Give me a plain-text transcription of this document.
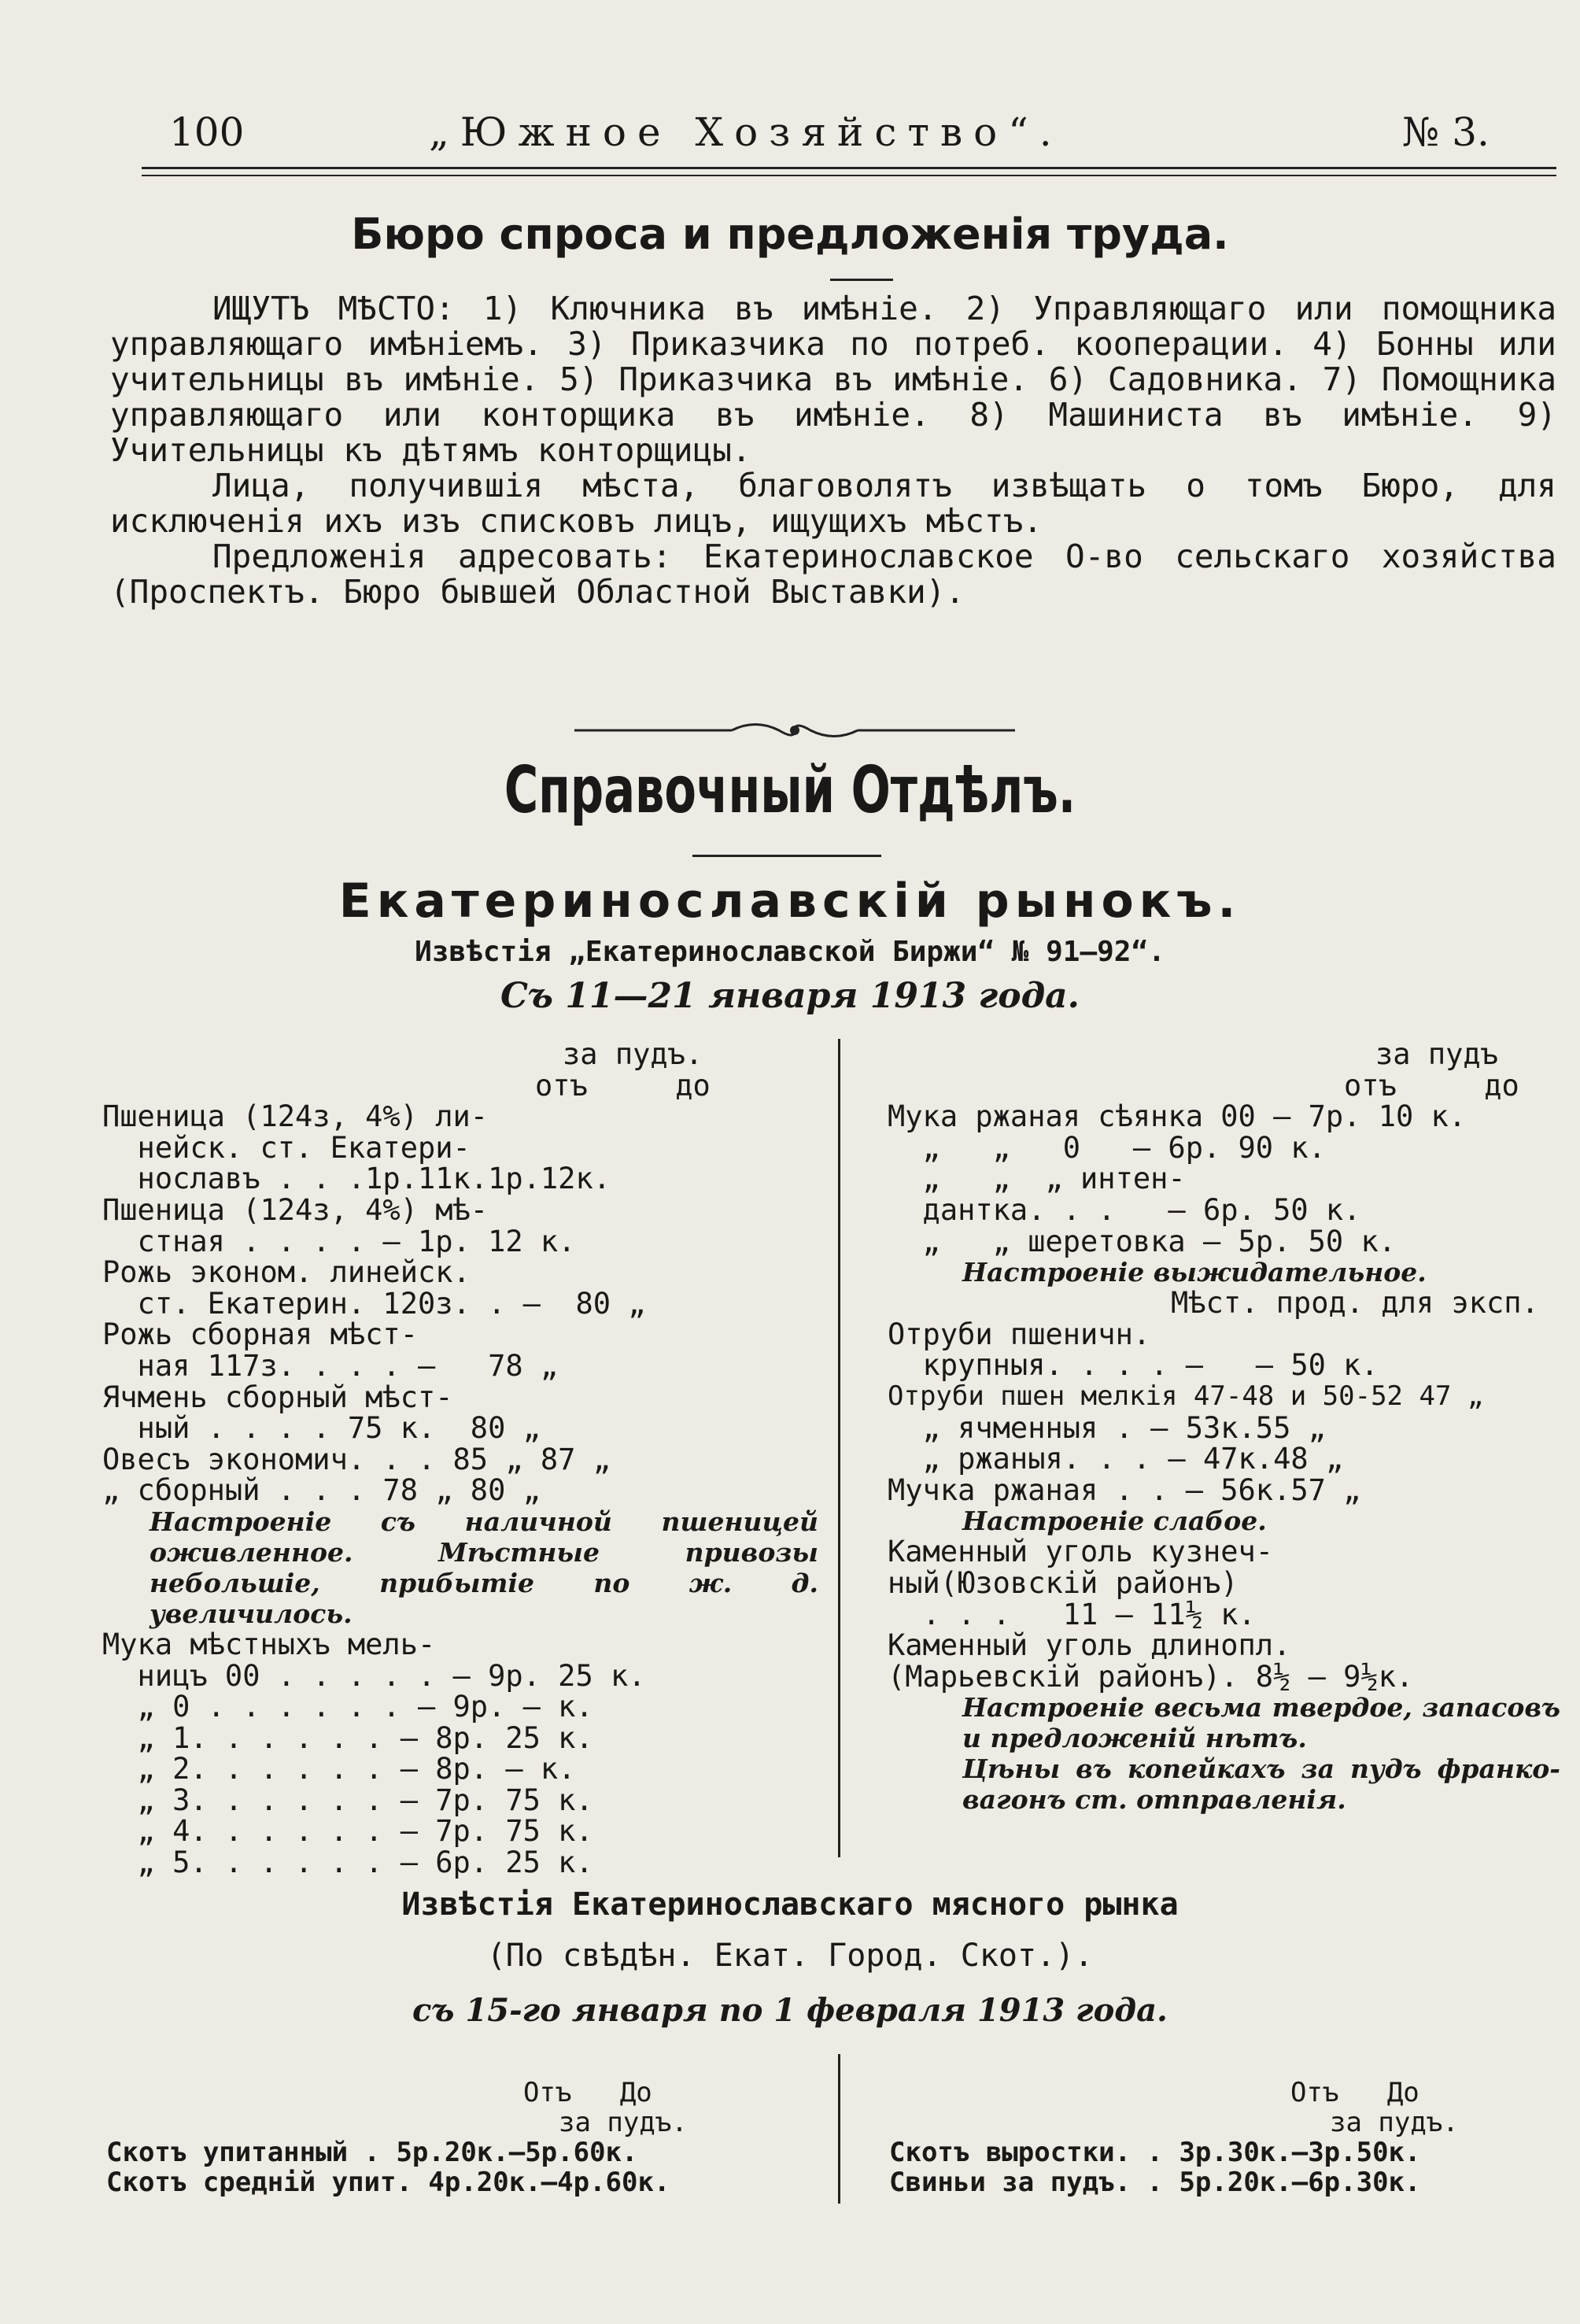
100	„Южное Хозяйство“.	№ 3.
Бюро спроса и предложенія труда.
ИЩУТЪ МѢСТО: 1) Ключника въ имѣніе. 2) Управляющаго или помощника управляющаго имѣніемъ. 3) Приказчика по потреб. кооперации. 4) Бонны или учительницы въ имѣніе. 5) Приказчика въ имѣніе. 6) Садовника. 7) Помощника управляющаго или конторщика въ имѣніе. 8) Машиниста въ имѣніе. 9) Учительницы къ дѣтямъ конторщицы.
Лица, получившія мѣста, благоволятъ извѣщать о томъ Бюро, для исключенія ихъ изъ списковъ лицъ, ищущихъ мѣстъ.
Предложенія адресовать: Екатеринославское О-во сельскаго хозяйства (Проспектъ. Бюро бывшей Областной Выставки).
Справочный Отдѣлъ.
Екатеринославскій рынокъ.
Извѣстія „Екатеринославской Биржи“ № 91—92“.
Съ 11—21 января 1913 года.
за пудъ.
отъ     до
Пшеница (124з, 4%) ли-
нейск. ст. Екатери-
нославъ . . .1р.11к.1р.12к.
Пшеница (124з, 4%) мѣ-
стная . . . . — 1р. 12 к.
Рожь эконом. линейск.
ст. Екатерин. 120з. . —  80 „
Рожь сборная мѣст-
ная 117з. . . . —   78 „
Ячмень сборный мѣст-
ный . . . . 75 к.  80 „
Овесъ экономич. . . 85 „ 87 „
„ сборный . . . 78 „ 80 „
Настроеніе съ наличной пшеницей оживленное. Мѣстные привозы небольшіе, прибытіе по ж. д. увеличилось.
Мука мѣстныхъ мель-
ницъ 00 . . . . . — 9р. 25 к.
„ 0 . . . . . . — 9р. — к.
„ 1. . . . . . — 8р. 25 к.
„ 2. . . . . . — 8р. — к.
„ 3. . . . . . — 7р. 75 к.
„ 4. . . . . . — 7р. 75 к.
„ 5. . . . . . — 6р. 25 к.
за пудъ
отъ     до
Мука ржаная сѣянка 00 — 7р. 10 к.
„   „   0   — 6р. 90 к.
„   „  „ интен-
дантка. . .   — 6р. 50 к.
„   „ шеретовка — 5р. 50 к.
Настроеніе выжидательное.
Мѣст. прод. для эксп.
Отруби пшеничн.
крупныя. . . . —   — 50 к.
Отруби пшен мелкія 47-48 и 50-52 47 „
„ ячменныя . — 53к.55 „
„ ржаныя. . . — 47к.48 „
Мучка ржаная . . — 56к.57 „
Настроеніе слабое.
Каменный уголь кузнеч-
ный(Юзовскій районъ)
. . .   11 — 11½ к.
Каменный уголь длинопл.
(Марьевскій районъ). 8½ — 9½к.
Настроеніе весьма твердое, запасовъ и предложеній нѣтъ.
Цѣны въ копейкахъ за пудъ франко-вагонъ ст. отправленія.
Извѣстія Екатеринославскаго мясного рынка
(По свѣдѣн. Екат. Город. Скот.).
съ 15-го января по 1 февраля 1913 года.
Отъ   До
за пудъ.
Скотъ упитанный . 5р.20к.—5р.60к.
Скотъ средній упит. 4р.20к.—4р.60к.
Отъ   До
за пудъ.
Скотъ выростки. . 3р.30к.—3р.50к.
Свиньи за пудъ. . 5р.20к.—6р.30к.
